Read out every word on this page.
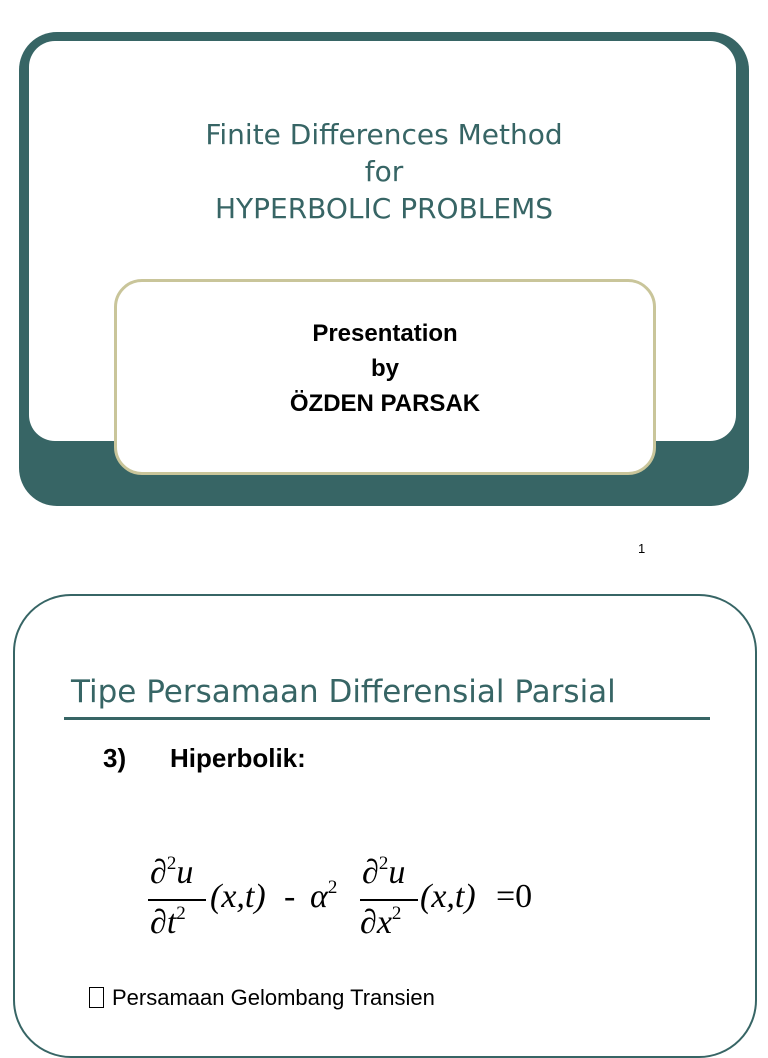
Finite Differences Method
for
HYPERBOLIC PROBLEMS
Presentation
by
ÖZDEN PARSAK
1
Tipe Persamaan Differensial Parsial
3) Hiperbolik:
∂$^2$u
$\partial t^2$ $(x,t) - \alpha^2$ ∂$^2$u
$\partial x^2$ (x,t) =0
Persamaan Gelombang Transien
